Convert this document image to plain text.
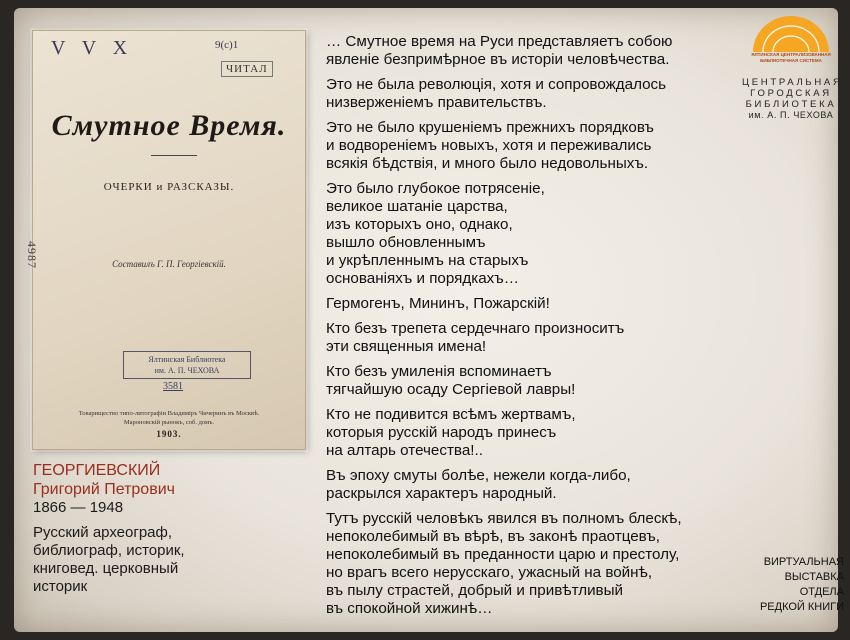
V V X	9(с)1
ЧИТАЛ
Смутное Время.
ОЧЕРКИ и РАЗСКАЗЫ.
4987	Составилъ Г. П. Георгіевскій.
Ялтинская Библиотека
им. А. П. ЧЕХОВА
3581
Товарищество типо-литографіи Владимiръ Чичеринъ въ Москвѣ.
Мароновскій рынокъ, соб. домъ.
1903.
ГЕОРГИЕВСКИЙ
Григорий Петрович
1866 — 1948
Русский археограф, библиограф, историк, книговед. церковный историк

… Смутное время на Руси представляетъ собою
явленіе безпримѣрное въ исторіи человѣчества.

Это не была революція, хотя и сопровождалось
низверженіемъ правительствъ.

Это не было крушеніемъ прежнихъ порядковъ
и водвореніемъ новыхъ, хотя и переживались
всякія бѣдствія, и много было недовольныхъ.

Это было глубокое потрясеніе,
великое шатаніе царства,
изъ которыхъ оно, однако,
вышло обновленнымъ
и укрѣпленнымъ на старыхъ
основаніяхъ и порядкахъ…

Гермогенъ, Мининъ, Пожарскій!

Кто безъ трепета сердечнаго произноситъ
эти священныя имена!

Кто безъ умиленія вспоминаетъ
тягчайшую осаду Сергіевой лавры!

Кто не подивится всѣмъ жертвамъ,
которыя русскій народъ принесъ
на алтарь отечества!..

Въ эпоху смуты болѣе, нежели когда-либо,
раскрылся характеръ народный.

Тутъ русскій человѣкъ явился въ полномъ блескѣ,
непоколебимый въ вѣрѣ, въ законѣ праотцевъ,
непоколебимый въ преданности царю и престолу,
но врагъ всего нерусскаго, ужасный на войнѣ,
въ пылу страстей, добрый и привѣтливый
въ спокойной хижинѣ…

ЯЛТИНСКАЯ ЦЕНТРАЛИЗОВАННАЯ БИБЛИОТЕЧНАЯ СИСТЕМА
ЦЕНТРАЛЬНАЯ
ГОРОДСКАЯ
БИБЛИОТЕКА
им. А. П. ЧЕХОВА
ВИРТУАЛЬНАЯ
ВЫСТАВКА
ОТДЕЛА
РЕДКОЙ КНИГИ
